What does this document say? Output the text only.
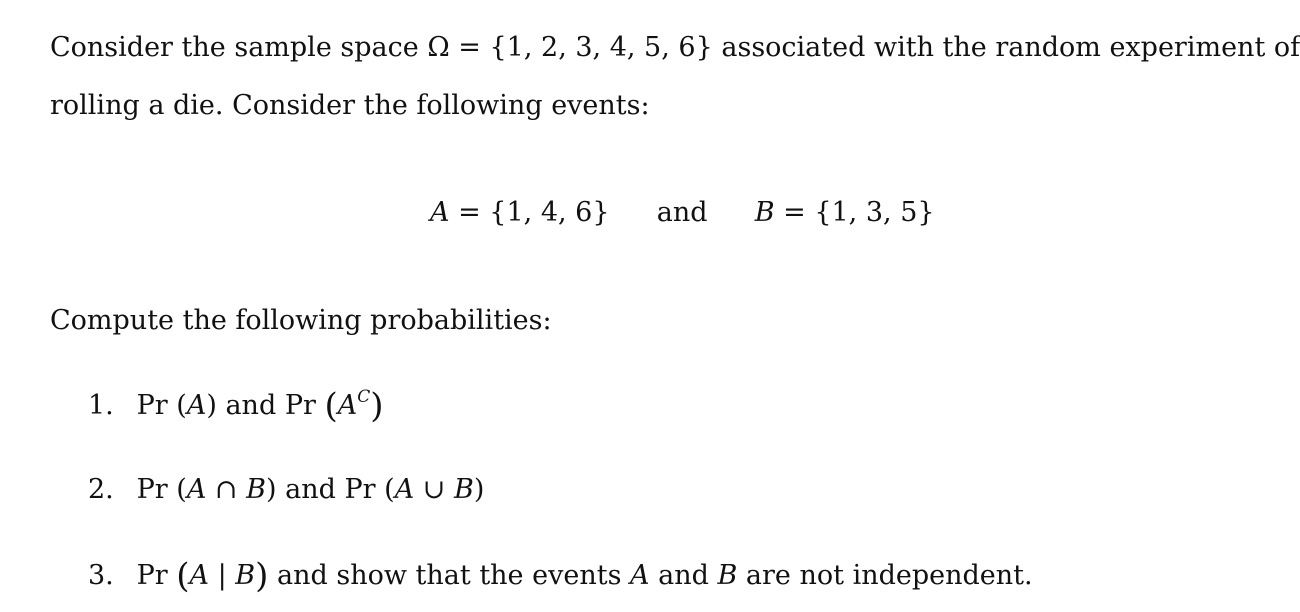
Consider the sample space Ω = {1, 2, 3, 4, 5, 6} associated with the random experiment of
rolling a die. Consider the following events:
A = {1, 4, 6} and B = {1, 3, 5}
Compute the following probabilities:
1. Pr (A) and Pr $(A^C)$
2. Pr (A ∩ B) and Pr (A ∪ B)
3. Pr (A | B) and show that the events A and B are not independent.
